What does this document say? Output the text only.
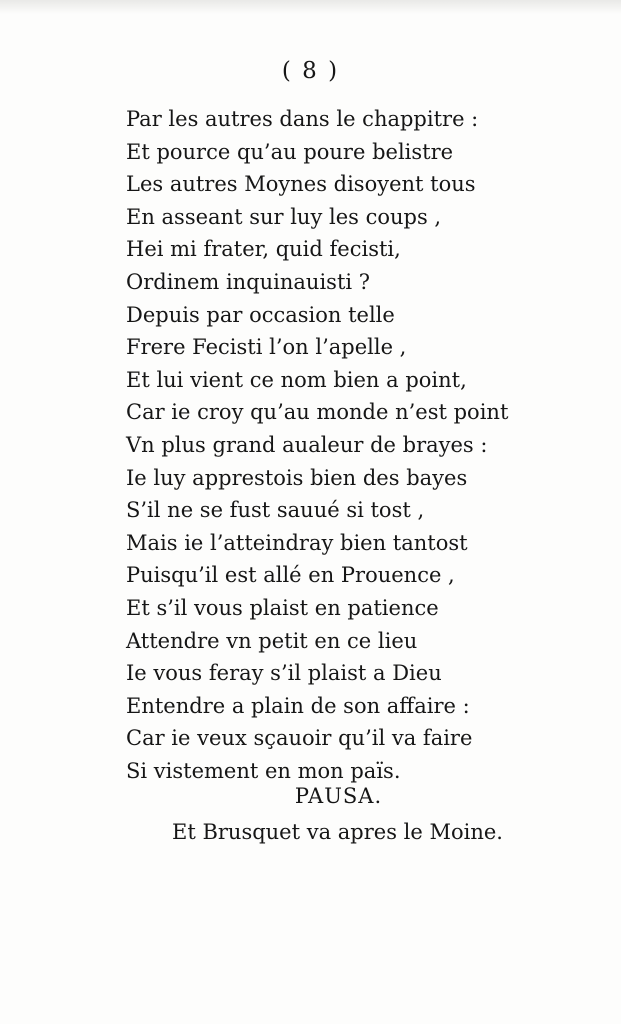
( 8 )
Par les autres dans le chappitre :
Et pource qu’au poure belistre
Les autres Moynes disoyent tous
En asseant sur luy les coups ,
Hei mi frater, quid fecisti,
Ordinem inquinauisti ?
Depuis par occasion telle
Frere Fecisti l’on l’apelle ,
Et lui vient ce nom bien a point,
Car ie croy qu’au monde n’est point
Vn plus grand aualeur de brayes :
Ie luy apprestois bien des bayes
S’il ne se fust sauué si tost ,
Mais ie l’atteindray bien tantost
Puisqu’il est allé en Prouence ,
Et s’il vous plaist en patience
Attendre vn petit en ce lieu
Ie vous feray s’il plaist a Dieu
Entendre a plain de son affaire :
Car ie veux sçauoir qu’il va faire
Si vistement en mon païs.
PAUSA.
Et Brusquet va apres le Moine.
